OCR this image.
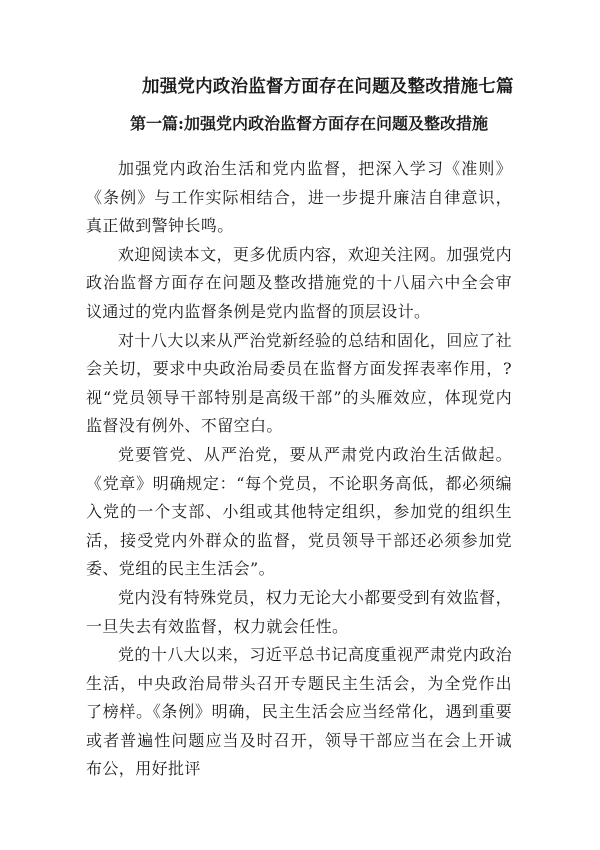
加强党内政治监督方面存在问题及整改措施七篇
第一篇:加强党内政治监督方面存在问题及整改措施

加强党内政治生活和党内监督，把深入学习《准则》《条例》与工作实际相结合，进一步提升廉洁自律意识，真正做到警钟长鸣。

欢迎阅读本文，更多优质内容，欢迎关注网。加强党内政治监督方面存在问题及整改措施党的十八届六中全会审议通过的党内监督条例是党内监督的顶层设计。

对十八大以来从严治党新经验的总结和固化，回应了社会关切，要求中央政治局委员在监督方面发挥表率作用，?视“党员领导干部特别是高级干部”的头雁效应，体现党内监督没有例外、不留空白。

党要管党、从严治党，要从严肃党内政治生活做起。《党章》明确规定：“每个党员，不论职务高低，都必须编入党的一个支部、小组或其他特定组织，参加党的组织生活，接受党内外群众的监督，党员领导干部还必须参加党委、党组的民主生活会”。

党内没有特殊党员，权力无论大小都要受到有效监督，一旦失去有效监督，权力就会任性。

党的十八大以来，习近平总书记高度重视严肃党内政治生活，中央政治局带头召开专题民主生活会，为全党作出了榜样。《条例》明确，民主生活会应当经常化，遇到重要或者普遍性问题应当及时召开，领导干部应当在会上开诚布公，用好批评
